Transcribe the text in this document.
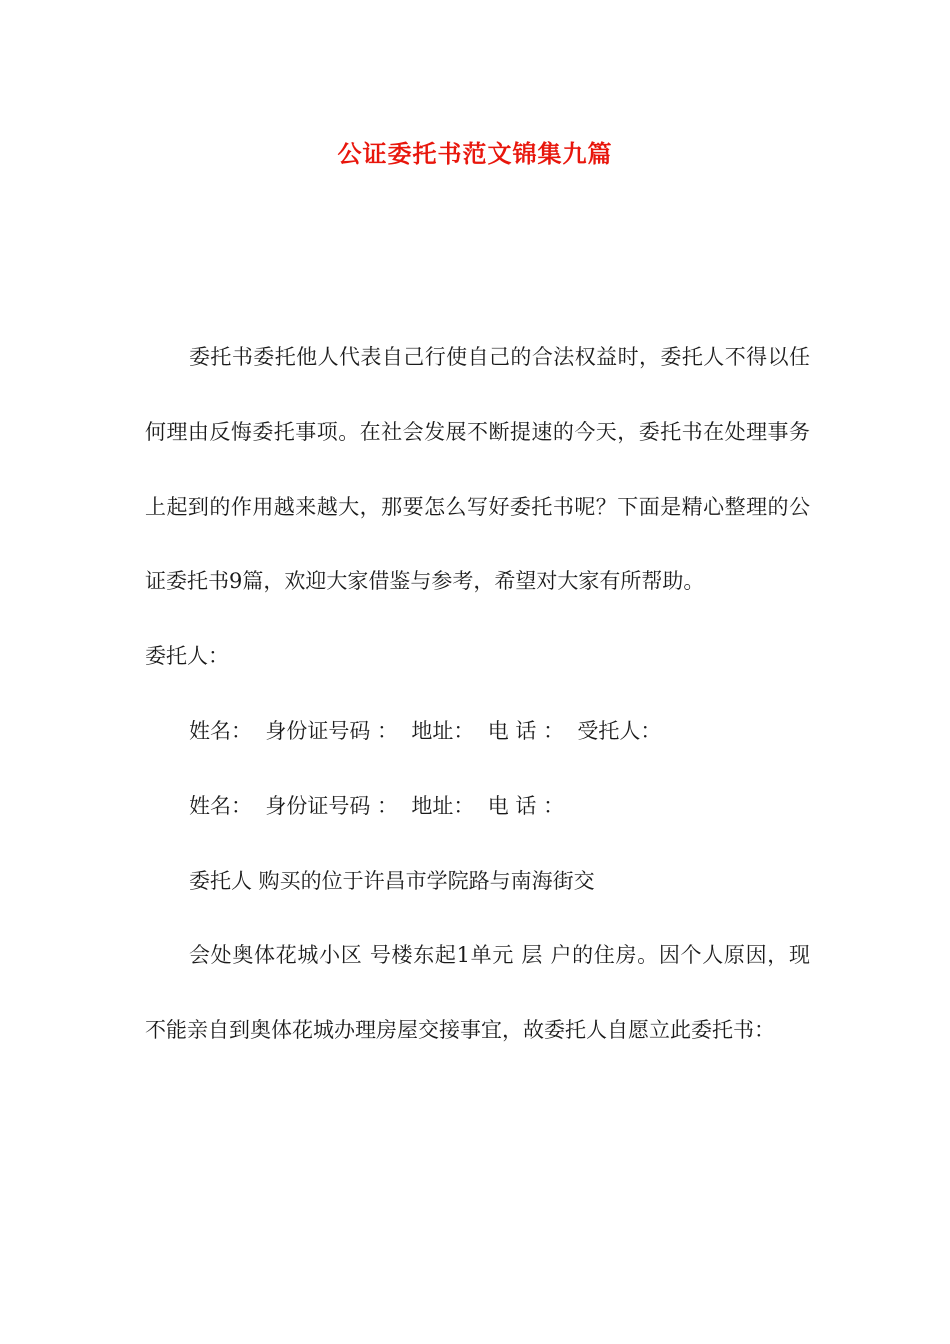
公证委托书范文锦集九篇

委托书委托他人代表自己行使自己的合法权益时，委托人不得以任何理由反悔委托事项。在社会发展不断提速的今天，委托书在处理事务上起到的作用越来越大，那要怎么写好委托书呢？下面是精心整理的公证委托书9篇，欢迎大家借鉴与参考，希望对大家有所帮助。

委托人：

姓名：  身份证号码 ：  地址：  电 话 ：  受托人：

姓名：  身份证号码 ：  地址：  电 话 ：

委托人 购买的位于许昌市学院路与南海街交

会处奥体花城小区 号楼东起1单元 层 户的住房。因个人原因，现不能亲自到奥体花城办理房屋交接事宜，故委托人自愿立此委托书：
